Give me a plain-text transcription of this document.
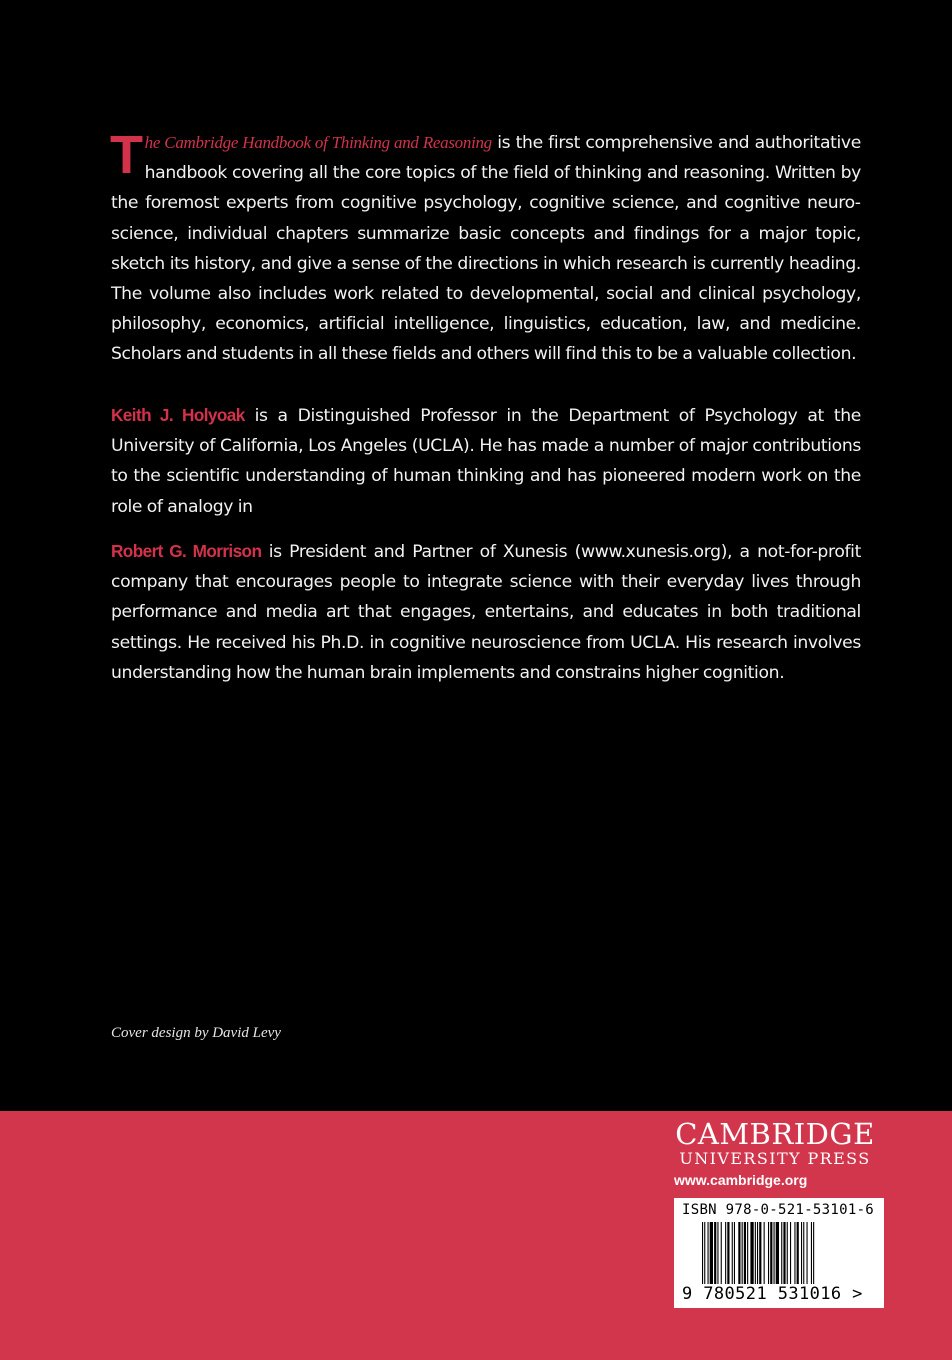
The Cambridge Handbook of Thinking and Reasoning is the first comprehensive and authoritative handbook covering all the core topics of the field of thinking and reasoning. Written by the foremost experts from cognitive psychology, cognitive science, and cognitive neuroscience, individual chapters summarize basic concepts and findings for a major topic, sketch its history, and give a sense of the directions in which research is currently heading. The volume also includes work related to developmental, social and clinical psychology, philosophy, economics, artificial intelligence, linguistics, education, law, and medicine. Scholars and students in all these fields and others will find this to be a valuable collection.

Keith J. Holyoak is a Distinguished Professor in the Department of Psychology at the University of California, Los Angeles (UCLA). He has made a number of major contributions to the scientific understanding of human thinking and has pioneered modern work on the role of analogy in

Robert G. Morrison is President and Partner of Xunesis (www.xunesis.org), a not-for-profit company that encourages people to integrate science with their everyday lives through performance and media art that engages, entertains, and educates in both traditional settings. He received his Ph.D. in cognitive neuroscience from UCLA. His research involves understanding how the human brain implements and constrains higher cognition.

Cover design by David Levy
CAMBRIDGE
UNIVERSITY PRESS
www.cambridge.org
ISBN 978-0-521-53101-6
9 780521 531016 >
